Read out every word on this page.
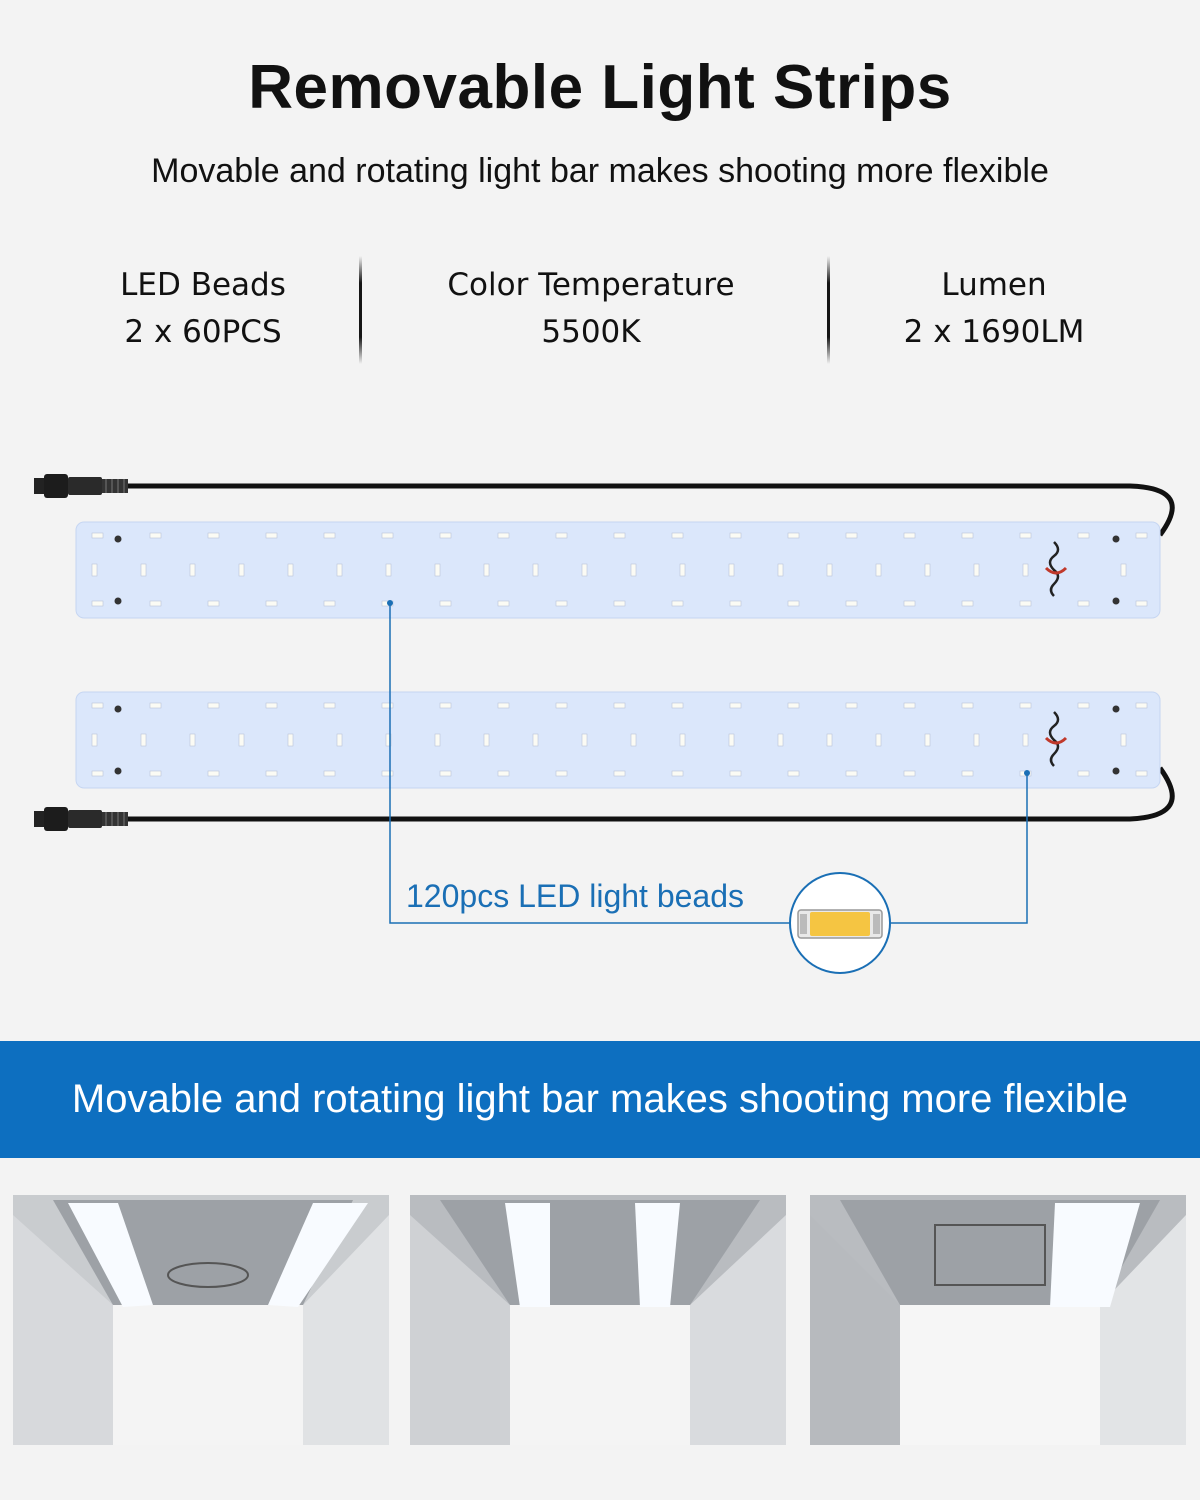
Removable Light Strips
Movable and rotating light bar makes shooting more flexible
LED Beads
2 x 60PCS
Color Temperature
5500K
Lumen
2 x 1690LM
120pcs LED light beads
Movable and rotating light bar makes shooting more flexible
